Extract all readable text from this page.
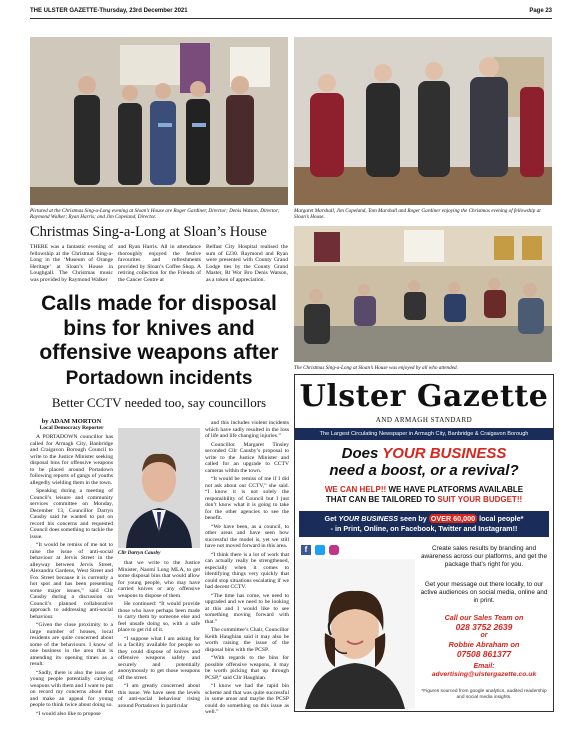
THE ULSTER GAZETTE-Thursday, 23rd December 2021	Page 23
Pictured at the Christmas Sing-a-Long evening at Sloan’s House are Roger Gardiner, Director; Denis Watson, Director; Raymond Walker; Ryan Harris; and Jim Copeland, Director.
Margaret Marshall, Jim Copeland, Tom Marshall and Roger Gardiner enjoying the Christmas evening of fellowship at Sloan’s House.
Christmas Sing-a-Long at Sloan’s House
THERE was a fantastic evening of fellowship at the Christmas Sing-a-Long in the ‘Museum of Orange Heritage’ at Sloan’s House in Loughgall. The Christmas music was provided by Raymond Walker
and Ryan Harris. All in attendance thoroughly enjoyed the festive favourites and refreshments provided by Sloan’s Coffee Shop. A retiring collection for the Friends of the Cancer Centre at
Belfast City Hospital realised the sum of £230. Raymond and Ryan were presented with County Grand Lodge ties by the County Grand Master, Rt Wor Bro Denis Watson, as a token of appreciation.
The Christmas Sing-a-Long at Sloan’s House was enjoyed by all who attended.
Calls made for disposal bins for knives and offensive weapons after
Portadown incidents
Better CCTV needed too, say councillors
by ADAM MORTON
Local Democracy Reporter

A PORTADOWN councillor has called for Armagh City, Banbridge and Craigavon Borough Council to write to the Justice Minister seeking disposal bins for offensive weapons to be placed around Portadown following reports of gangs of youths allegedly wielding them in the town.

Speaking during a meeting of Council’s leisure and community services committee on Monday, December 13, Councillor Darryn Causby said he wanted to put on record his concerns and requested Council does something to tackle the issue.

“It would be remiss of me not to raise the issue of anti-social behaviour at Jervis Street in the alleyway between Jervis Street, Alexandra Gardens, West Street and Fox Street because it is currently a hot spot and has been presenting some major issues,” said Cllr Causby during a discussion on Council’s planned collaborative approach to addressing anti-social behaviour.

“Given the close proximity to a large number of houses, local residents are quite concerned about some of the behaviours. I know of one business in the area that is amending its opening times as a result.

“Sadly, there is also the issue of young people potentially carrying weapons with them and I want to put on record my concerns about that and make an appeal for young people to think twice about doing so.

“I would also like to propose

Cllr Darryn Causby

that we write to the Justice Minister, Naomi Long MLA, to get some disposal bins that would allow for young people, who may have carried knives or any offensive weapons to dispose of them.

He continued: “It would provide those who have perhaps been made to carry them by someone else and feel unsafe doing so, with a safe place to get rid of it.

“I suppose what I am asking for is a facility available for people so they could dispose of knives and offensive weapons safely and securely and potentially anonymously to get those weapons off the street.

“I am greatly concerned about this issue. We have seen the levels of anti-social behaviour rising around Portadown in particular

and this includes violent incidents which have sadly resulted in the loss of life and life changing injuries.”

Councillor Margaret Tinsley seconded Cllr Causby’s proposal to write to the Justice Minister and called for an upgrade to CCTV cameras within the town.

“It would be remiss of me if I did not ask about our CCTV,” she said. “I know it is not solely the responsibility of Council but I just don’t know what it is going to take for the other agencies to see the benefit.

“We have been, as a council, to other areas and have seen how successful the model is, yet we still have not moved forward in this area.

“I think there is a lot of work that can actually really be strengthened, especially when it comes to identifying things very quickly that could stop situations escalating if we had decent CCTV.

“The time has come, we need to upgraded and we need to be looking at this and I would like to see something moving forward with that.”

The committee’s Chair, Councillor Keith Haughian said it may also be worth raising the issue of the disposal bins with the PCSP.

“With regards to the bins for possible offensive weapons, it may be worth picking that up through PCSP,” said Cllr Haughian.

“I know we had the rapid bin scheme and that was quite successful in some areas and maybe the PCSP could do something on this issue as well.”

Ulster Gazette
AND ARMAGH STANDARD
The Largest Circulating Newspaper in Armagh City, Banbridge & Craigavon Borough
Does YOUR BUSINESS
need a boost, or a revival?
WE CAN HELP!! WE HAVE PLATFORMS AVAILABLE
THAT CAN BE TAILORED TO SUIT YOUR BUDGET!!
Get YOUR BUSINESS seen by OVER 60,000 local people*
- in Print, Online, on Facebook, Twitter and Instagram!!
f	Create sales results by branding and awareness across our platforms, and get the package that’s right for you.
Get your message out there locally, to our active audiences on social media, online and in print.
Call our Sales Team on
028 3752 2639
or
Robbie Abraham on
07508 861377
Email:
advertising@ulstergazette.co.uk
*Figures sourced from google analytics, audited readership and social media insights.
